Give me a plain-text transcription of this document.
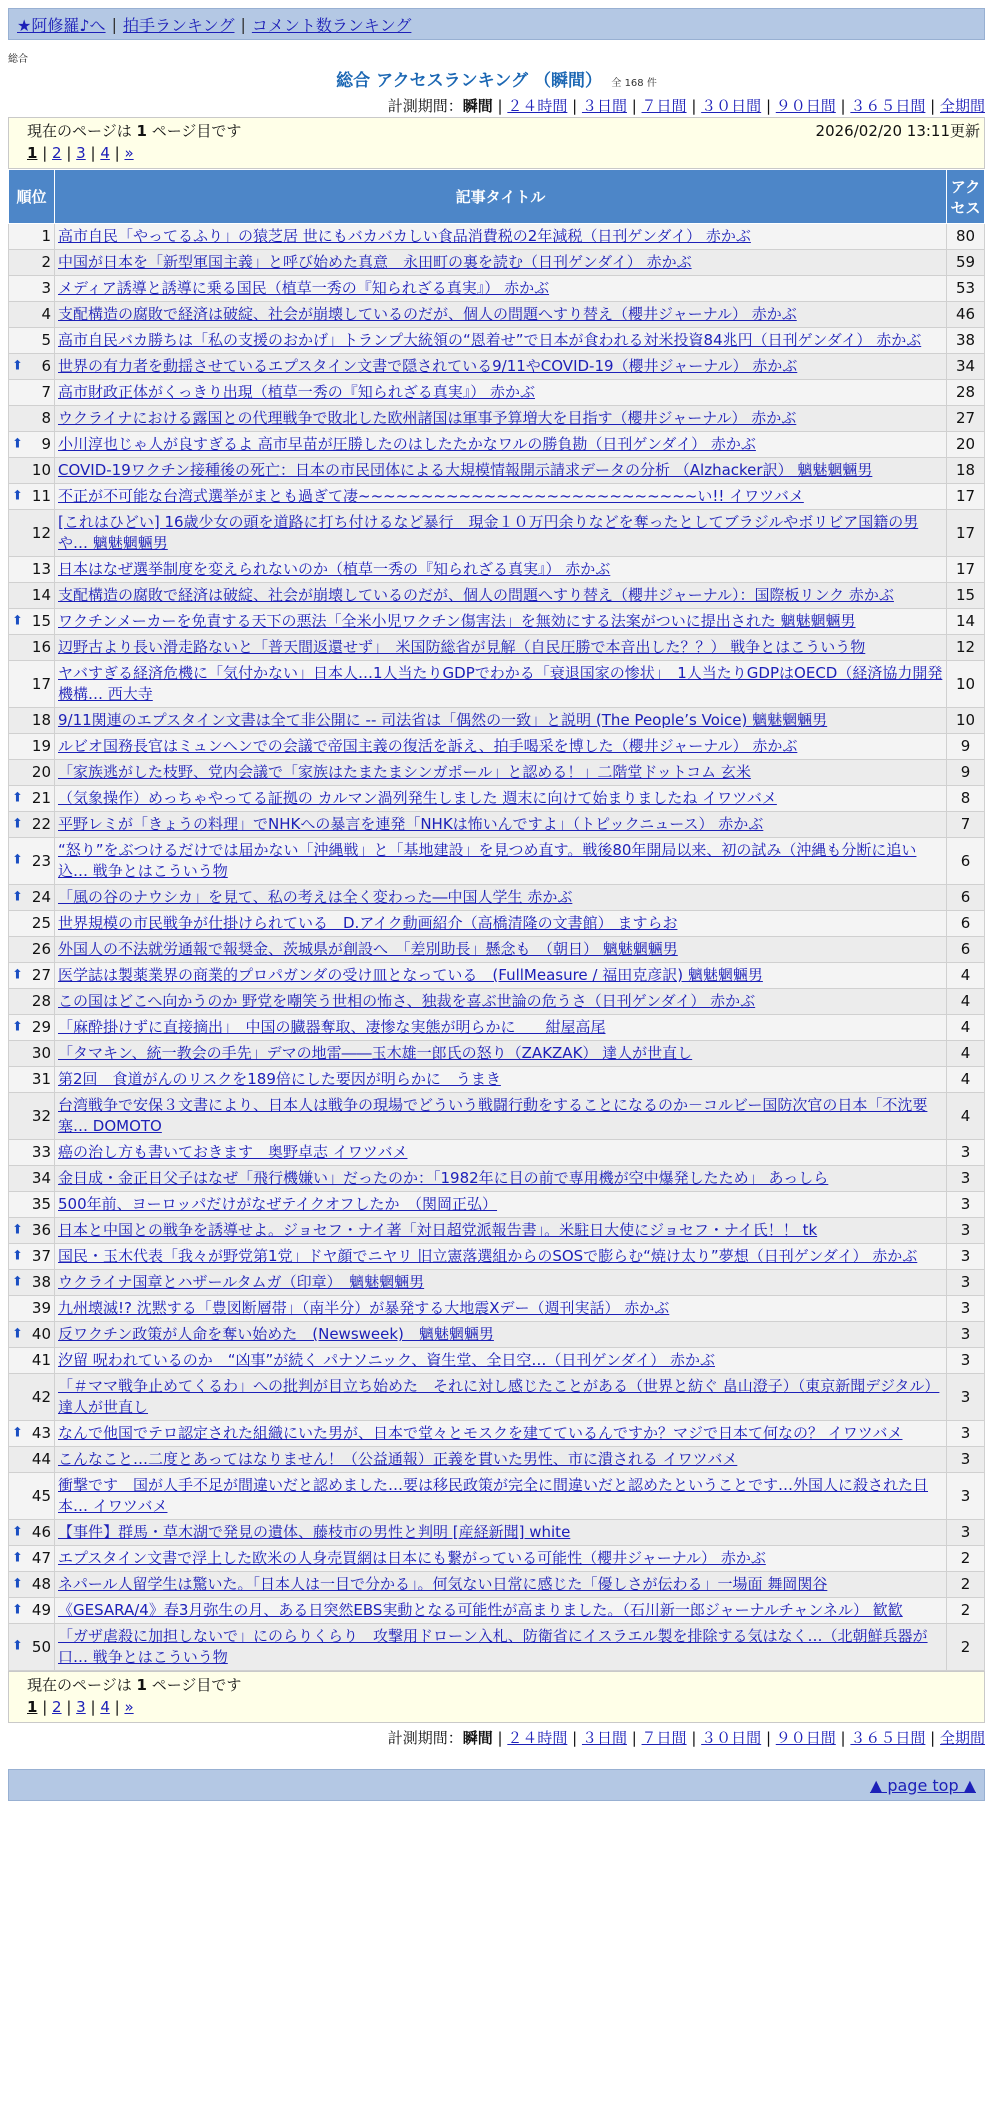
★阿修羅♪へ | 拍手ランキング | コメント数ランキング
総合
総合 アクセスランキング （瞬間） 全 168 件
計測期間：瞬間 | ２４時間 | ３日間 | ７日間 | ３０日間 | ９０日間 | ３６５日間 | 全期間
現在のページは 1 ページ目です	2026/02/20 13:11更新
1 | 2 | 3 | 4 | »
順位	記事タイトル	アクセス
1	高市自民「やってるふり」の猿芝居 世にもバカバカしい食品消費税の2年減税（日刊ゲンダイ） 赤かぶ	80
2	中国が日本を「新型軍国主義」と呼び始めた真意　永田町の裏を読む（日刊ゲンダイ） 赤かぶ	59
3	メディア誘導と誘導に乗る国民（植草一秀の『知られざる真実』） 赤かぶ	53
4	支配構造の腐敗で経済は破綻、社会が崩壊しているのだが、個人の問題へすり替え（櫻井ジャーナル） 赤かぶ	46
5	高市自民バカ勝ちは「私の支援のおかげ」トランプ大統領の“恩着せ”で日本が食われる対米投資84兆円（日刊ゲンダイ） 赤かぶ	38

⬆ 6	世界の有力者を動揺させているエプスタイン文書で隠されている9/11やCOVID-19（櫻井ジャーナル） 赤かぶ	34
7	高市財政正体がくっきり出現（植草一秀の『知られざる真実』） 赤かぶ	28
8	ウクライナにおける露国との代理戦争で敗北した欧州諸国は軍事予算増大を目指す（櫻井ジャーナル） 赤かぶ	27

⬆ 9	小川淳也じゃ人が良すぎるよ 高市早苗が圧勝したのはしたたかなワルの勝負勘（日刊ゲンダイ） 赤かぶ	20
10	COVID-19ワクチン接種後の死亡：日本の市民団体による大規模情報開示請求データの分析 （Alzhacker訳） 魑魅魍魎男	18

⬆ 11	不正が不可能な台湾式選挙がまとも過ぎて凄~~~~~~~~~~~~~~~~~~~~~~~~~~~い!! イワツバメ	17
12	[これはひどい] 16歳少女の頭を道路に打ち付けるなど暴行　現金１０万円余りなどを奪ったとしてブラジルやボリビア国籍の男や… 魑魅魍魎男	17
13	日本はなぜ選挙制度を変えられないのか（植草一秀の『知られざる真実』） 赤かぶ	17
14	支配構造の腐敗で経済は破綻、社会が崩壊しているのだが、個人の問題へすり替え（櫻井ジャーナル）：国際板リンク 赤かぶ	15

⬆ 15	ワクチンメーカーを免責する天下の悪法「全米小児ワクチン傷害法」を無効にする法案がついに提出された 魑魅魍魎男	14
16	辺野古より長い滑走路ないと「普天間返還せず」　米国防総省が見解（自民圧勝で本音出した？？） 戦争とはこういう物	12
17	ヤバすぎる経済危機に「気付かない」日本人…1人当たりGDPでわかる「衰退国家の惨状」　1人当たりGDPはOECD（経済協力開発機構… 西大寺	10
18	9/11関連のエプスタイン文書は全て非公開に -- 司法省は「偶然の一致」と説明 (The People’s Voice) 魑魅魍魎男	10
19	ルビオ国務長官はミュンヘンでの会議で帝国主義の復活を訴え、拍手喝采を博した（櫻井ジャーナル） 赤かぶ	9
20	「家族逃がした枝野、党内会議で「家族はたまたまシンガポール」と認める！」二階堂ドットコム 玄米	9

⬆ 21	（気象操作）めっちゃやってる証拠の カルマン渦列発生しました 週末に向けて始まりましたね イワツバメ	8

⬆ 22	平野レミが「きょうの料理」でNHKへの暴言を連発「NHKは怖いんですよ」（トピックニュース） 赤かぶ	7

⬆ 23	“怒り”をぶつけるだけでは届かない「沖縄戦」と「基地建設」を見つめ直す。戦後80年開局以来、初の試み（沖縄も分断に追い込… 戦争とはこういう物	6

⬆ 24	「風の谷のナウシカ」を見て、私の考えは全く変わった―中国人学生 赤かぶ	6
25	世界規模の市民戦争が仕掛けられている　D.アイク動画紹介（高橋清隆の文書館） ますらお	6
26	外国人の不法就労通報で報奨金、茨城県が創設へ　「差別助長」懸念も　（朝日） 魑魅魍魎男	6

⬆ 27	医学誌は製薬業界の商業的プロパガンダの受け皿となっている　(FullMeasure / 福田克彦訳) 魑魅魍魎男	4
28	この国はどこへ向かうのか 野党を嘲笑う世相の怖さ、独裁を喜ぶ世論の危うさ（日刊ゲンダイ） 赤かぶ	4

⬆ 29	「麻酔掛けずに直接摘出」　中国の臓器奪取、凄惨な実態が明らかに　　紺屋高尾	4
30	「タマキン、統一教会の手先」デマの地雷――玉木雄一郎氏の怒り（ZAKZAK） 達人が世直し	4
31	第2回　食道がんのリスクを189倍にした要因が明らかに　うまき	4
32	台湾戦争で安保３文書により、日本人は戦争の現場でどういう戦闘行動をすることになるのか－コルビー国防次官の日本「不沈要塞… DOMOTO	4
33	癌の治し方も書いておきます　奥野卓志 イワツバメ	3
34	金日成・金正日父子はなぜ「飛行機嫌い」だったのか：「1982年に目の前で専用機が空中爆発したため」 あっしら	3
35	500年前、ヨーロッパだけがなぜテイクオフしたか　（関岡正弘）	3

⬆ 36	日本と中国との戦争を誘導せよ。ジョセフ・ナイ著「対日超党派報告書」。米駐日大使にジョセフ・ナイ氏！！ tk	3

⬆ 37	国民・玉木代表「我々が野党第1党」ドヤ顔でニヤリ 旧立憲落選組からのSOSで膨らむ“焼け太り”夢想（日刊ゲンダイ） 赤かぶ	3

⬆ 38	ウクライナ国章とハザールタムガ（印章）　魑魅魍魎男	3
39	九州壊滅!? 沈黙する「豊図断層帯」（南半分）が暴発する大地震Xデー（週刊実話） 赤かぶ	3

⬆ 40	反ワクチン政策が人命を奪い始めた　(Newsweek)　魑魅魍魎男	3
41	汐留 呪われているのか　“凶事”が続く パナソニック、資生堂、全日空…（日刊ゲンダイ） 赤かぶ	3
42	「＃ママ戦争止めてくるわ」への批判が目立ち始めた　それに対し感じたことがある（世界と紡ぐ 畠山澄子）（東京新聞デジタル） 達人が世直し	3

⬆ 43	なんで他国でテロ認定された組織にいた男が、日本で堂々とモスクを建てているんですか？マジで日本て何なの？ イワツバメ	3
44	こんなこと…二度とあってはなりません！（公益通報）正義を貫いた男性、市に潰される イワツバメ	3
45	衝撃です　国が人手不足が間違いだと認めました…要は移民政策が完全に間違いだと認めたということです…外国人に殺された日本… イワツバメ	3

⬆ 46	【事件】群馬・草木湖で発見の遺体、藤枝市の男性と判明 [産経新聞] white	3

⬆ 47	エプスタイン文書で浮上した欧米の人身売買網は日本にも繋がっている可能性（櫻井ジャーナル） 赤かぶ	2

⬆ 48	ネパール人留学生は驚いた。「日本人は一目で分かる」。何気ない日常に感じた「優しさが伝わる」一場面 舞岡関谷	2

⬆ 49	《GESARA/4》春3月弥生の月、ある日突然EBS実動となる可能性が高まりました。（石川新一郎ジャーナルチャンネル） 歓歓	2

⬆ 50	「ガザ虐殺に加担しないで」にのらりくらり　攻撃用ドローン入札、防衛省にイスラエル製を排除する気はなく…（北朝鮮兵器が口… 戦争とはこういう物	2
現在のページは 1 ページ目です
1 | 2 | 3 | 4 | »
計測期間：瞬間 | ２４時間 | ３日間 | ７日間 | ３０日間 | ９０日間 | ３６５日間 | 全期間
▲ page top ▲
